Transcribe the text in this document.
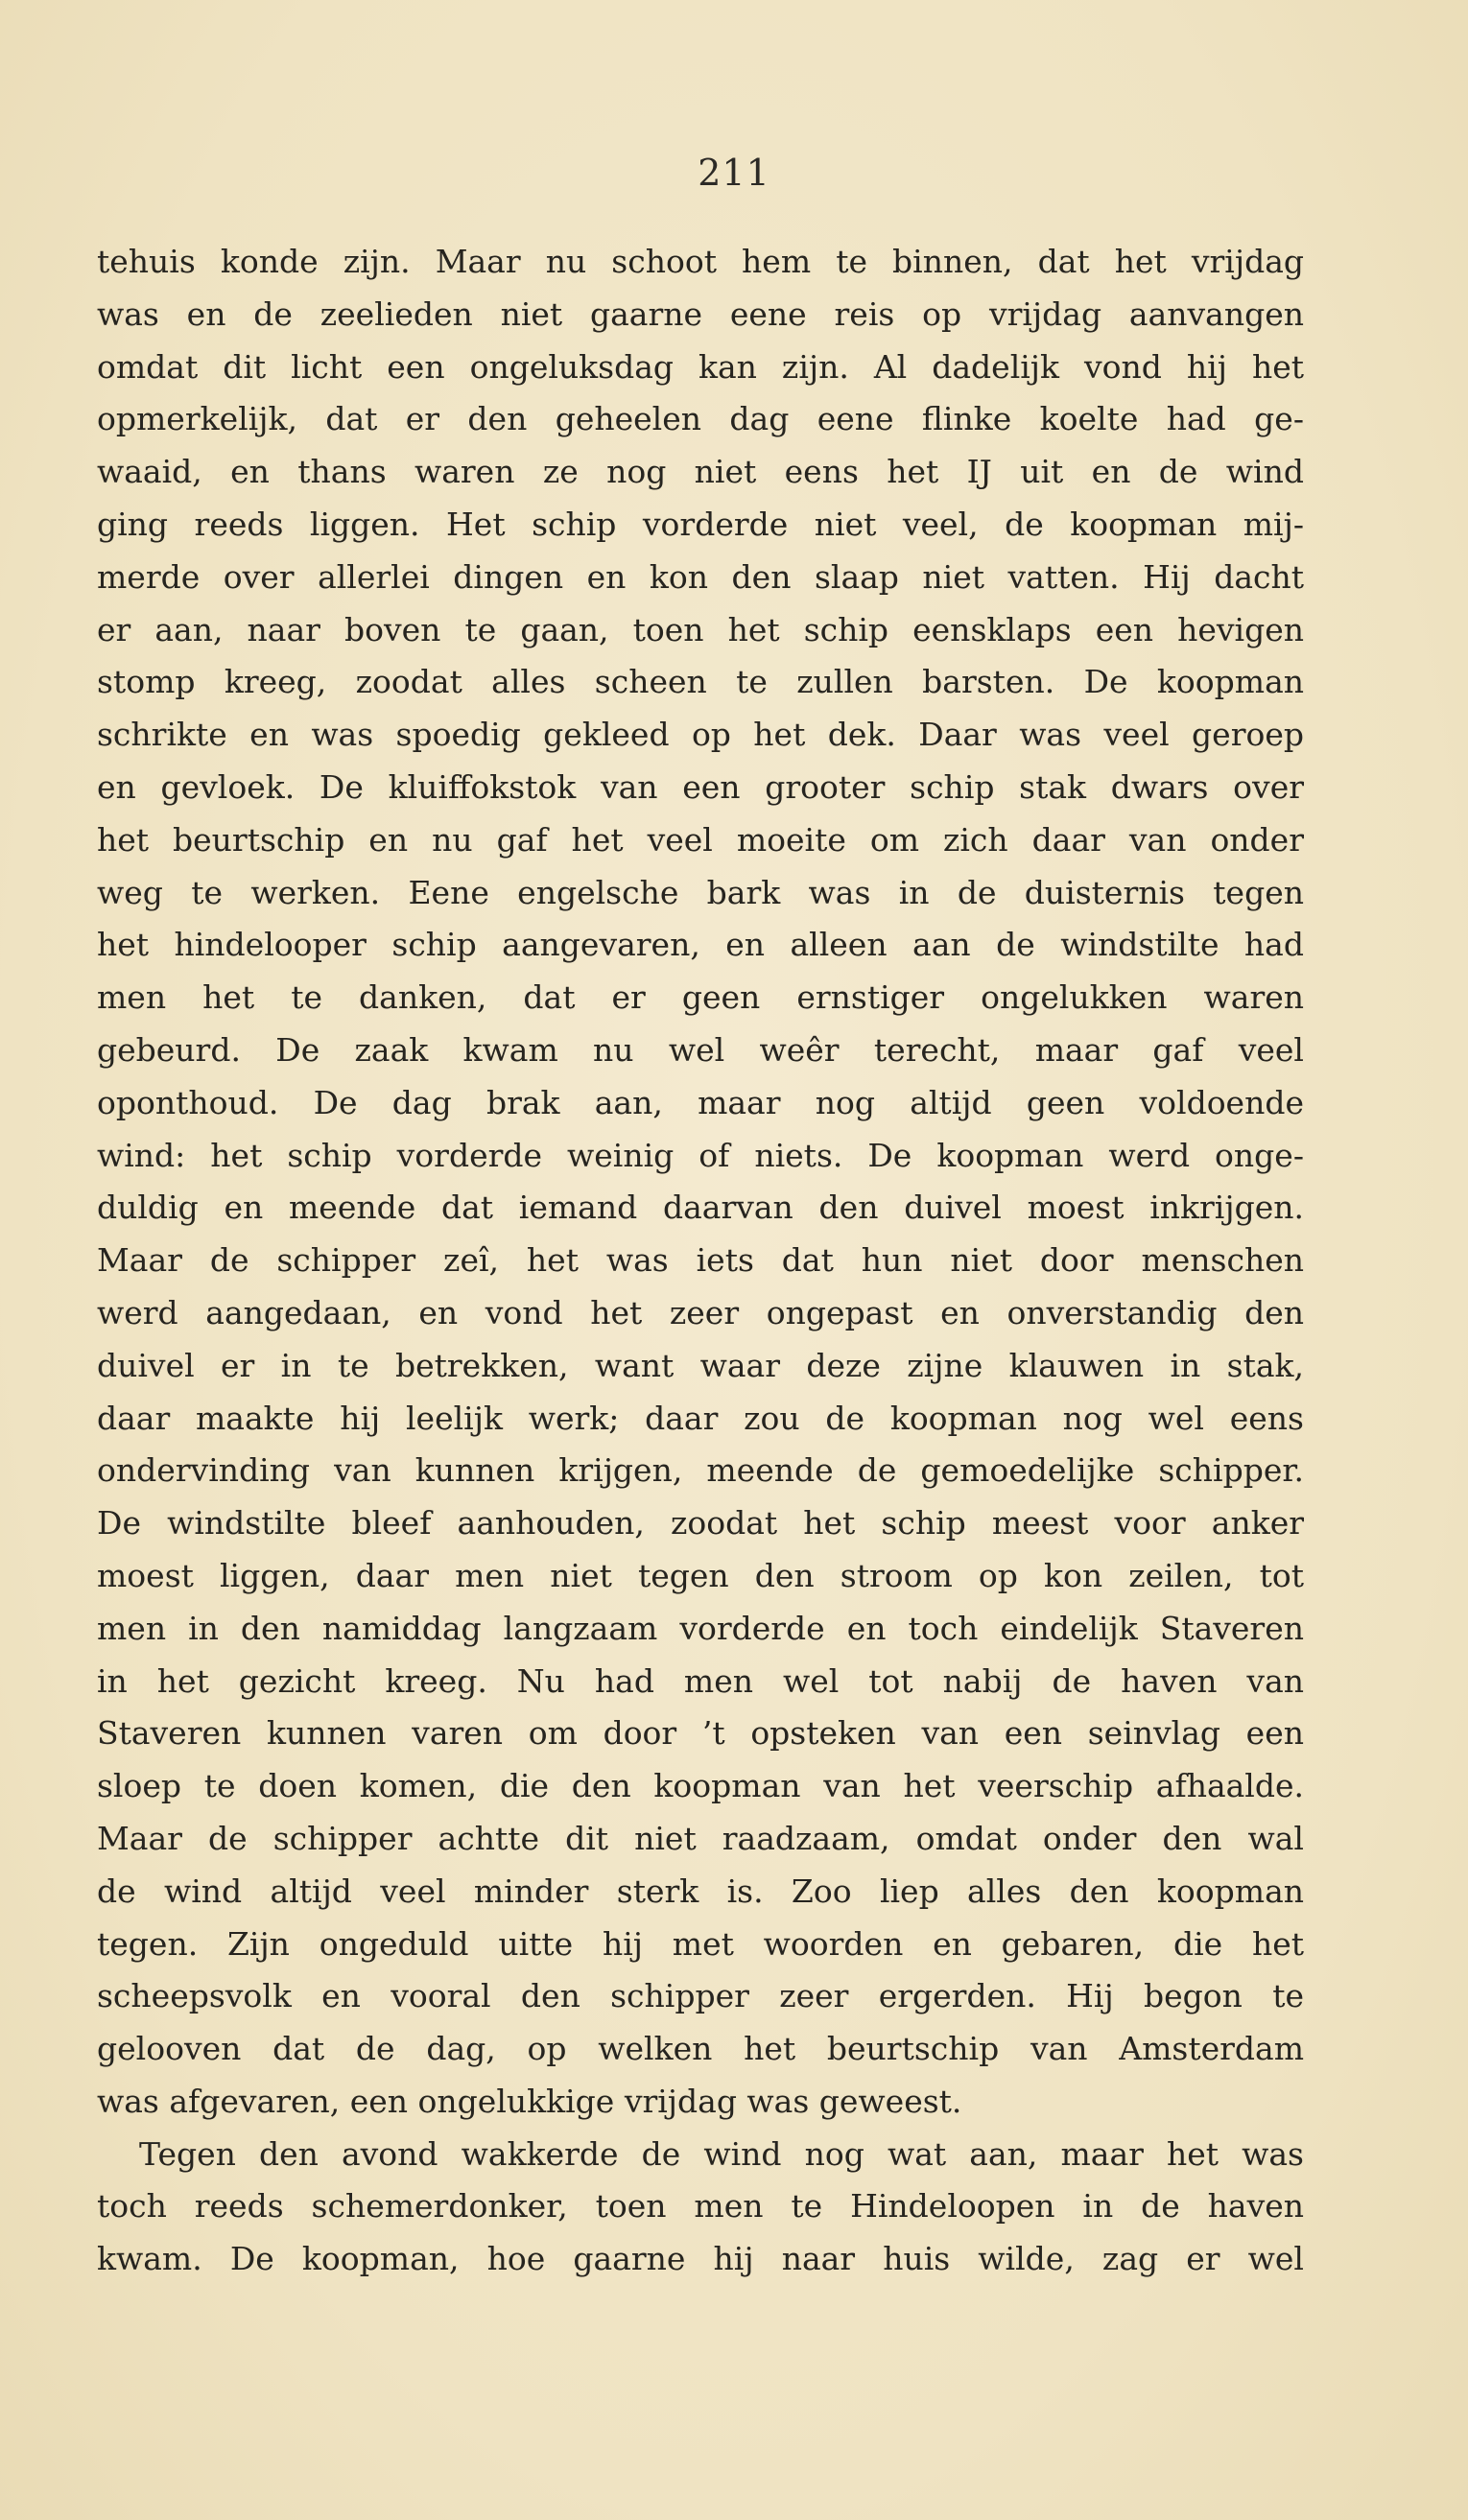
211
tehuis konde zijn. Maar nu schoot hem te binnen, dat het vrijdag
was en de zeelieden niet gaarne eene reis op vrijdag aanvangen
omdat dit licht een ongeluksdag kan zijn. Al dadelijk vond hij het
opmerkelijk, dat er den geheelen dag eene flinke koelte had ge-
waaid, en thans waren ze nog niet eens het IJ uit en de wind
ging reeds liggen. Het schip vorderde niet veel, de koopman mij-
merde over allerlei dingen en kon den slaap niet vatten. Hij dacht
er aan, naar boven te gaan, toen het schip eensklaps een hevigen
stomp kreeg, zoodat alles scheen te zullen barsten. De koopman
schrikte en was spoedig gekleed op het dek. Daar was veel geroep
en gevloek. De kluiffokstok van een grooter schip stak dwars over
het beurtschip en nu gaf het veel moeite om zich daar van onder
weg te werken. Eene engelsche bark was in de duisternis tegen
het hindelooper schip aangevaren, en alleen aan de windstilte had
men het te danken, dat er geen ernstiger ongelukken waren
gebeurd. De zaak kwam nu wel weêr terecht, maar gaf veel
oponthoud. De dag brak aan, maar nog altijd geen voldoende
wind: het schip vorderde weinig of niets. De koopman werd onge-
duldig en meende dat iemand daarvan den duivel moest inkrijgen.
Maar de schipper zeî, het was iets dat hun niet door menschen
werd aangedaan, en vond het zeer ongepast en onverstandig den
duivel er in te betrekken, want waar deze zijne klauwen in stak,
daar maakte hij leelijk werk; daar zou de koopman nog wel eens
ondervinding van kunnen krijgen, meende de gemoedelijke schipper.
De windstilte bleef aanhouden, zoodat het schip meest voor anker
moest liggen, daar men niet tegen den stroom op kon zeilen, tot
men in den namiddag langzaam vorderde en toch eindelijk Staveren
in het gezicht kreeg. Nu had men wel tot nabij de haven van
Staveren kunnen varen om door ’t opsteken van een seinvlag een
sloep te doen komen, die den koopman van het veerschip afhaalde.
Maar de schipper achtte dit niet raadzaam, omdat onder den wal
de wind altijd veel minder sterk is. Zoo liep alles den koopman
tegen. Zijn ongeduld uitte hij met woorden en gebaren, die het
scheepsvolk en vooral den schipper zeer ergerden. Hij begon te
gelooven dat de dag, op welken het beurtschip van Amsterdam
was afgevaren, een ongelukkige vrijdag was geweest.
Tegen den avond wakkerde de wind nog wat aan, maar het was
toch reeds schemerdonker, toen men te Hindeloopen in de haven
kwam. De koopman, hoe gaarne hij naar huis wilde, zag er wel
